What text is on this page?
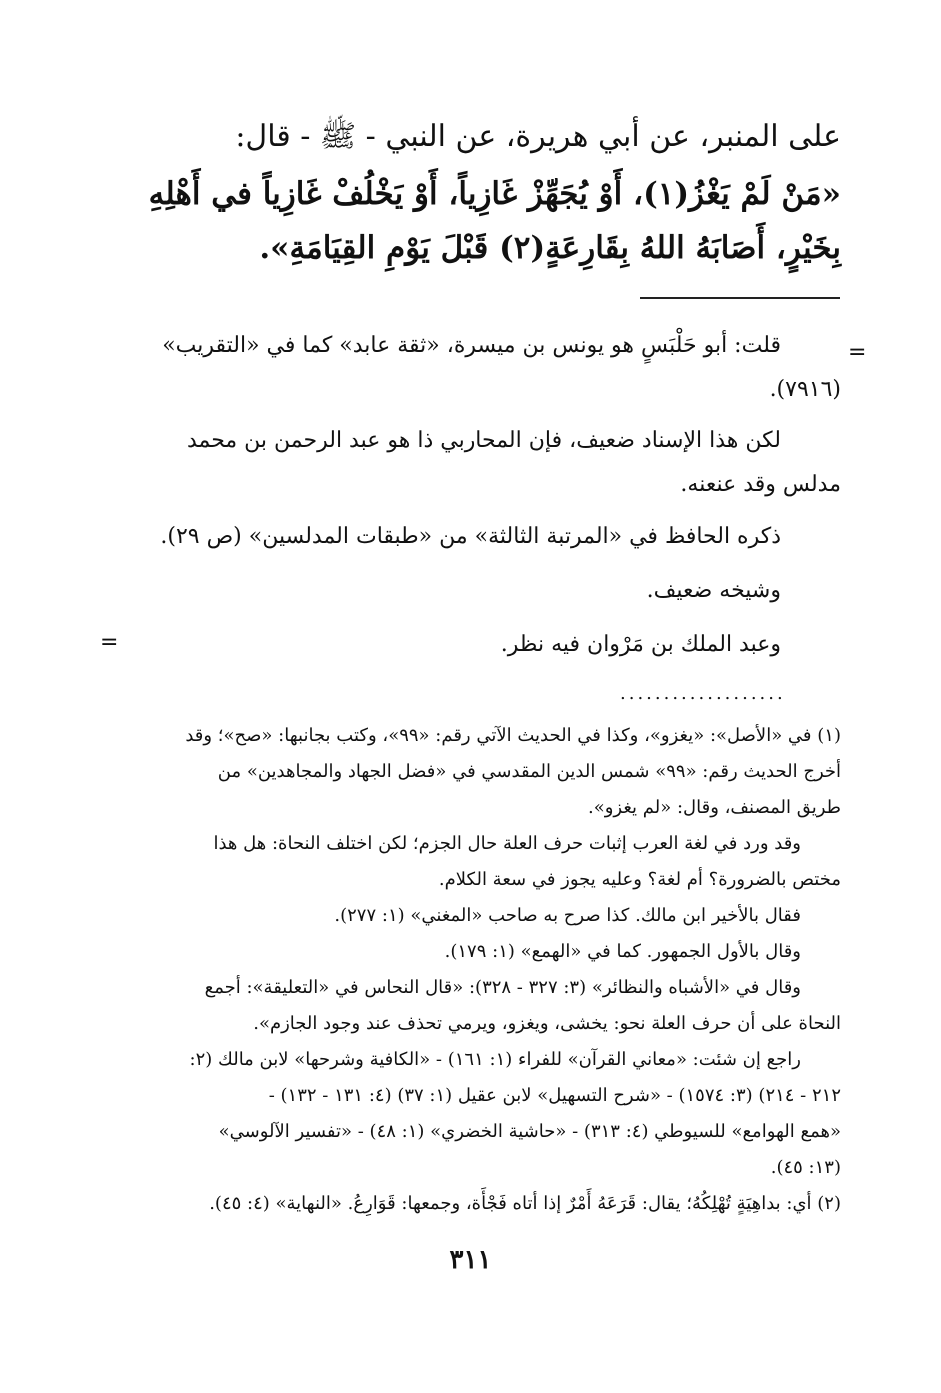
على المنبر، عن أبي هريرة، عن النبي - ﷺ - قال:
«مَنْ لَمْ يَغْزُ(١)، أَوْ يُجَهِّزْ غَازِياً، أَوْ يَخْلُفْ غَازِياً في أَهْلِهِ
بِخَيْرٍ، أَصَابَهُ اللهُ بِقَارِعَةٍ(٢) قَبْلَ يَوْمِ القِيَامَةِ».
=
قلت: أبو حَلْبَسٍ هو يونس بن ميسرة، «ثقة عابد» كما في «التقريب»
(٧٩١٦).
لكن هذا الإسناد ضعيف، فإن المحاربي ذا هو عبد الرحمن بن محمد
مدلس وقد عنعنه.
ذكره الحافظ في «المرتبة الثالثة» من «طبقات المدلسين» (ص ٢٩).
وشيخه ضعيف.
وعبد الملك بن مَرْوان فيه نظر.
=
...................
(١) في «الأصل»: «يغزو»، وكذا في الحديث الآتي رقم: «٩٩»، وكتب بجانبها: «صح»؛ وقد
أخرج الحديث رقم: «٩٩» شمس الدين المقدسي في «فضل الجهاد والمجاهدين» من
طريق المصنف، وقال: «لم يغزو».
وقد ورد في لغة العرب إثبات حرف العلة حال الجزم؛ لكن اختلف النحاة: هل هذا
مختص بالضرورة؟ أم لغة؟ وعليه يجوز في سعة الكلام.
فقال بالأخير ابن مالك. كذا صرح به صاحب «المغني» (١: ٢٧٧).
وقال بالأول الجمهور. كما في «الهمع» (١: ١٧٩).
وقال في «الأشباه والنظائر» (٣: ٣٢٧ - ٣٢٨): «قال النحاس في «التعليقة»: أجمع
النحاة على أن حرف العلة نحو: يخشى، ويغزو، ويرمي تحذف عند وجود الجازم».
راجع إن شئت: «معاني القرآن» للفراء (١: ١٦١) - «الكافية وشرحها» لابن مالك (٢:
٢١٢ - ٢١٤) (٣: ١٥٧٤) - «شرح التسهيل» لابن عقيل (١: ٣٧) (٤: ١٣١ - ١٣٢) -
«همع الهوامع» للسيوطي (٤: ٣١٣) - «حاشية الخضري» (١: ٤٨) - «تفسير الآلوسي»
(١٣: ٤٥).
(٢) أي: بداهِيَةٍ تُهْلِكُهُ؛ يقال: قَرَعَهُ أَمْرٌ إذا أتاه فَجْأَة، وجمعها: قَوَارِعُ. «النهاية» (٤: ٤٥).
٣١١
